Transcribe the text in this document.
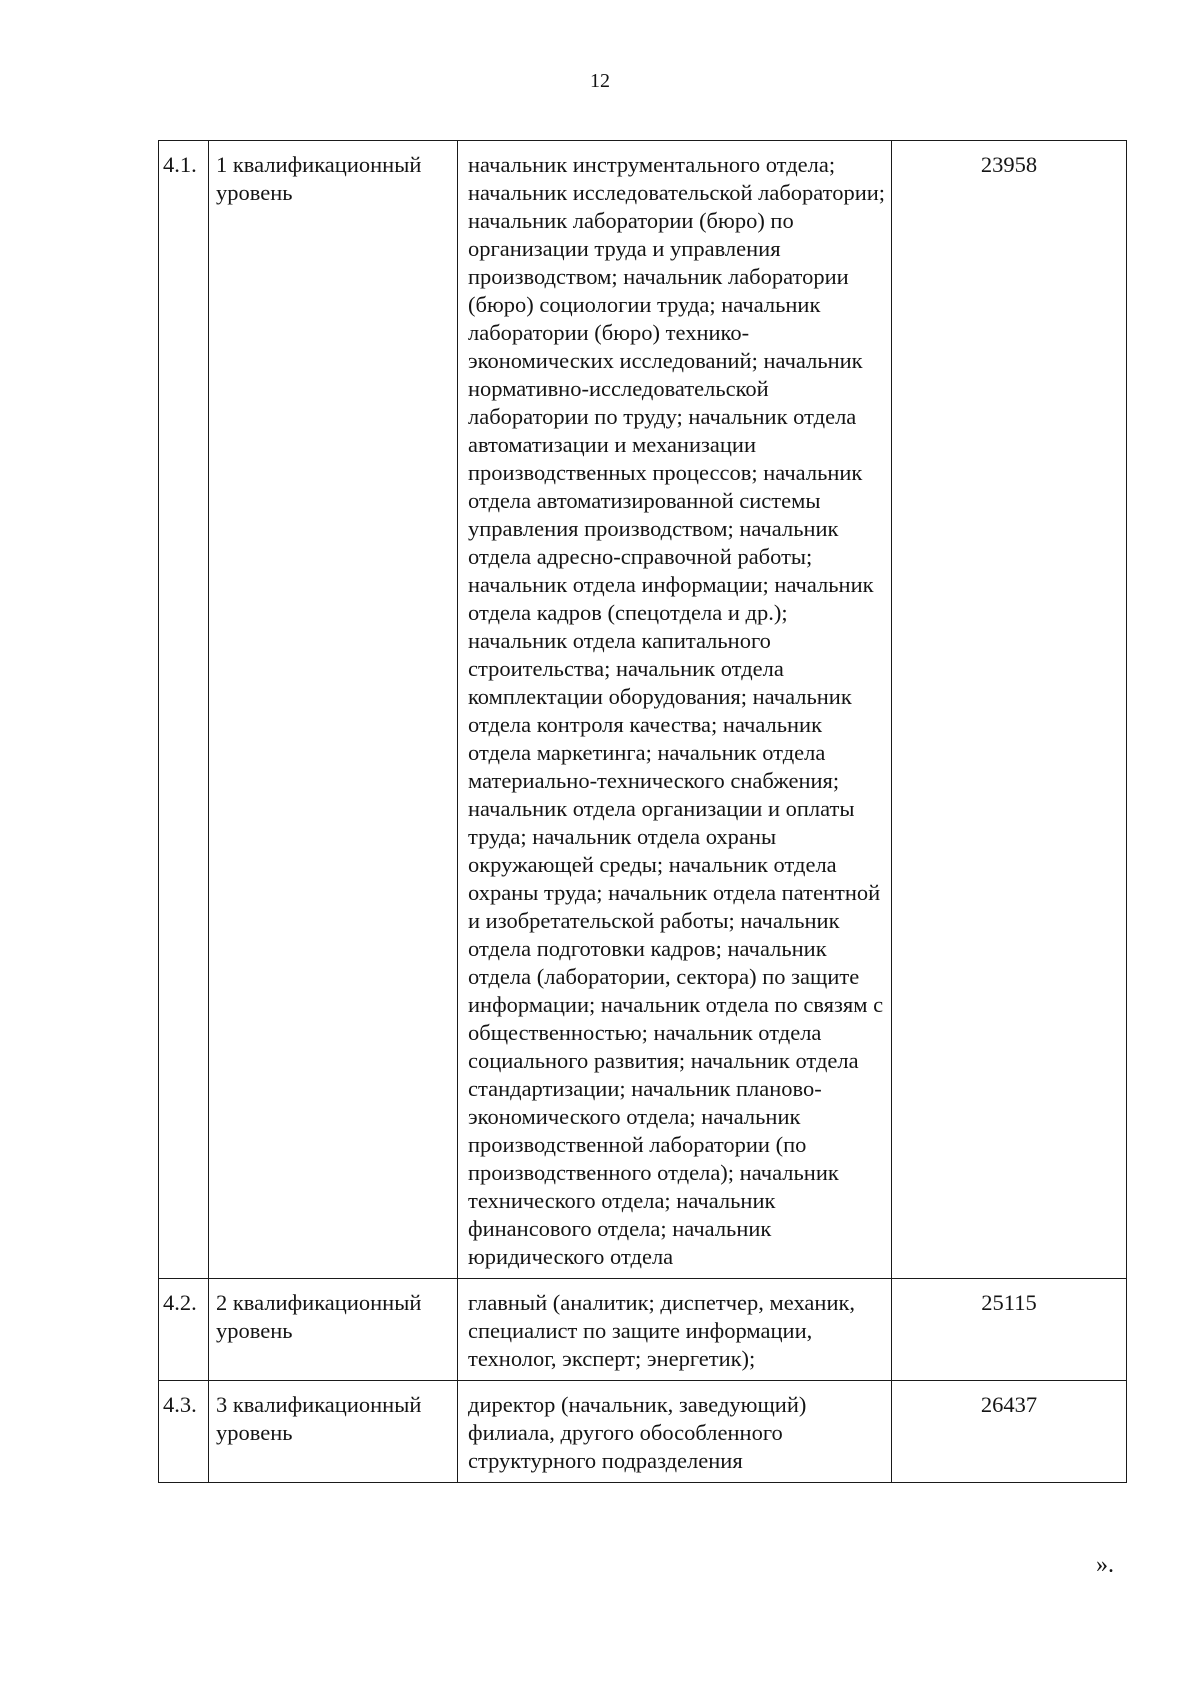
12
4.1.	1 квалификационный уровень	начальник инструментального отдела; начальник исследовательской лаборатории; начальник лаборатории (бюро) по организации труда и управления производством; начальник лаборатории (бюро) социологии труда; начальник лаборатории (бюро) технико-экономических исследований; начальник нормативно-исследовательской лаборатории по труду; начальник отдела автоматизации и механизации производственных процессов; начальник отдела автоматизированной системы управления производством; начальник отдела адресно-справочной работы; начальник отдела информации; начальник отдела кадров (спецотдела и др.); начальник отдела капитального строительства; начальник отдела комплектации оборудования; начальник отдела контроля качества; начальник отдела маркетинга; начальник отдела материально-технического снабжения; начальник отдела организации и оплаты труда; начальник отдела охраны окружающей среды; начальник отдела охраны труда; начальник отдела патентной и изобретательской работы; начальник отдела подготовки кадров; начальник отдела (лаборатории, сектора) по защите информации; начальник отдела по связям с общественностью; начальник отдела социального развития; начальник отдела стандартизации; начальник планово-экономического отдела; начальник производственной лаборатории (по производственного отдела); начальник технического отдела; начальник финансового отдела; начальник юридического отдела	23958
4.2.	2 квалификационный уровень	главный (аналитик; диспетчер, механик, специалист по защите информации, технолог, эксперт; энергетик);	25115
4.3.	3 квалификационный уровень	директор (начальник, заведующий) филиала, другого обособленного структурного подразделения	26437
».
